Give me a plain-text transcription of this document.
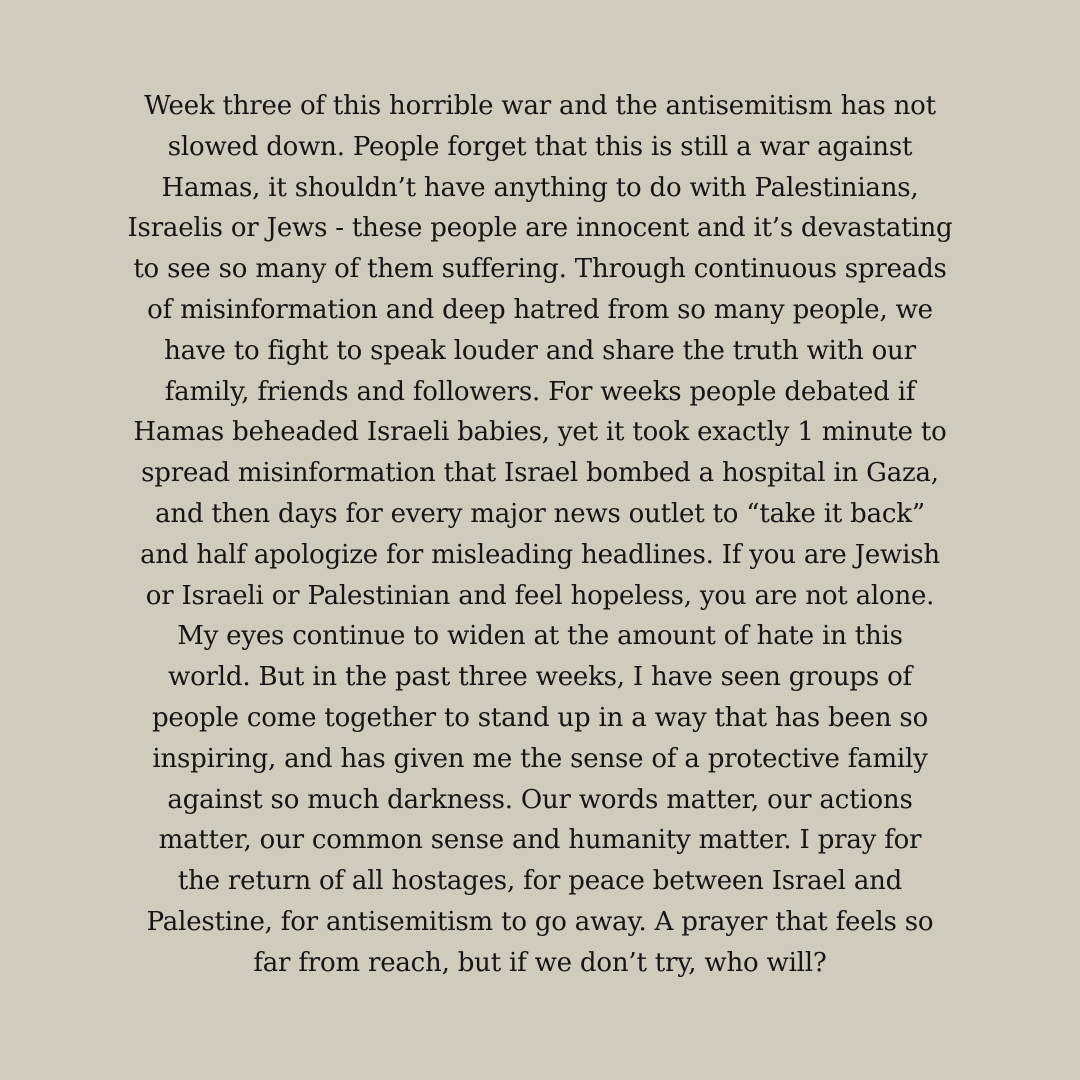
Week three of this horrible war and the antisemitism has not
slowed down. People forget that this is still a war against
Hamas, it shouldn’t have anything to do with Palestinians,
Israelis or Jews - these people are innocent and it’s devastating
to see so many of them suffering. Through continuous spreads
of misinformation and deep hatred from so many people, we
have to fight to speak louder and share the truth with our
family, friends and followers. For weeks people debated if
Hamas beheaded Israeli babies, yet it took exactly 1 minute to
spread misinformation that Israel bombed a hospital in Gaza,
and then days for every major news outlet to “take it back”
and half apologize for misleading headlines. If you are Jewish
or Israeli or Palestinian and feel hopeless, you are not alone.
My eyes continue to widen at the amount of hate in this
world. But in the past three weeks, I have seen groups of
people come together to stand up in a way that has been so
inspiring, and has given me the sense of a protective family
against so much darkness. Our words matter, our actions
matter, our common sense and humanity matter. I pray for
the return of all hostages, for peace between Israel and
Palestine, for antisemitism to go away. A prayer that feels so
far from reach, but if we don’t try, who will?
